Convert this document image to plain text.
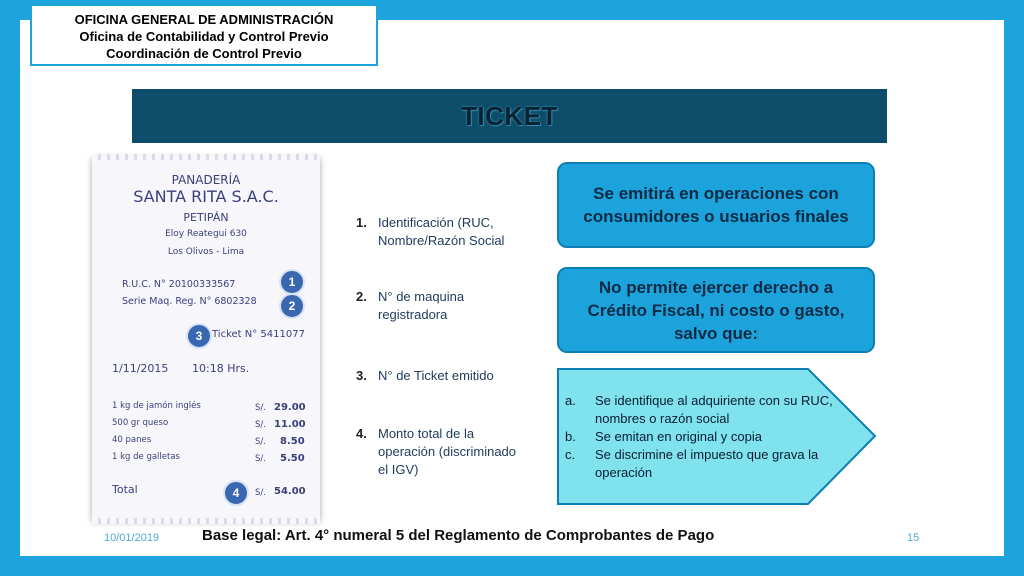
OFICINA GENERAL DE ADMINISTRACIÓN
Oficina de Contabilidad y Control Previo
Coordinación de Control Previo
TICKET
PANADERÍA
SANTA RITA S.A.C.
PETIPÁN
Eloy Reategui 630
Los Olivos - Lima
R.U.C. N° 20100333567
Serie Maq. Reg. N° 6802328
1
2
3 Ticket N° 5411077
1/11/2015 10:18 Hrs.
1 kg de jamón inglés	S/. 29.00
500 gr queso	S/. 11.00
40 panes	S/. 8.50
1 kg de galletas	S/. 5.50
Total	4	S/. 54.00
1. Identificación (RUC, Nombre/Razón Social
2. N° de maquina registradora
3. N° de Ticket emitido
4. Monto total de la operación (discriminado el IGV)
Se emitirá en operaciones con consumidores o usuarios finales
No permite ejercer derecho a Crédito Fiscal, ni costo o gasto, salvo que:
a. Se identifique al adquiriente con su RUC, nombres o razón social
b. Se emitan en original y copia
c. Se discrimine el impuesto que grava la operación
10/01/2019	Base legal: Art. 4° numeral 5 del Reglamento de Comprobantes de Pago	15
